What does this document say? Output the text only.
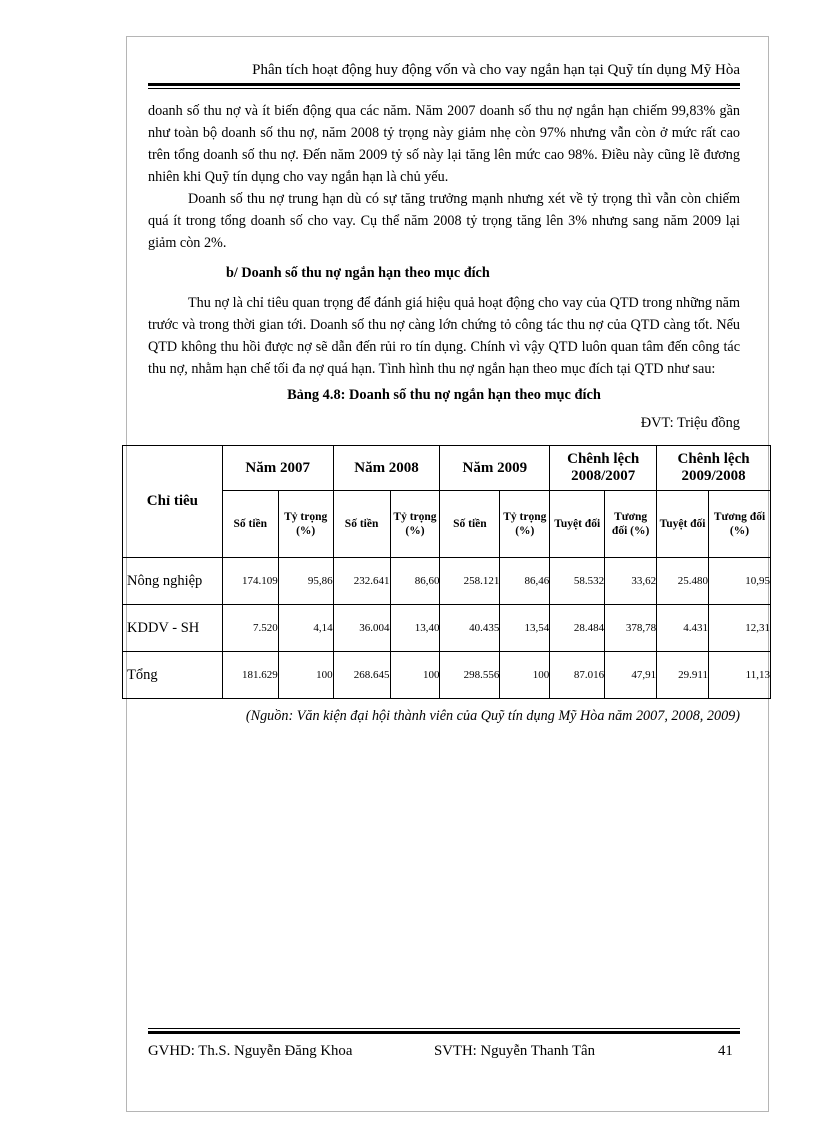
Phân tích hoạt động huy động vốn và cho vay ngắn hạn tại Quỹ tín dụng Mỹ Hòa

doanh số thu nợ và ít biến động qua các năm. Năm 2007 doanh số thu nợ ngắn hạn chiếm 99,83% gần như toàn bộ doanh số thu nợ, năm 2008 tỷ trọng này giảm nhẹ còn 97% nhưng vẫn còn ở mức rất cao trên tổng doanh số thu nợ. Đến năm 2009 tỷ số này lại tăng lên mức cao 98%. Điều này cũng lẽ đương nhiên khi Quỹ tín dụng cho vay ngắn hạn là chủ yếu.

Doanh số thu nợ trung hạn dù có sự tăng trưởng mạnh nhưng xét về tỷ trọng thì vẫn còn chiếm quá ít trong tổng doanh số cho vay. Cụ thể năm 2008 tỷ trọng tăng lên 3% nhưng sang năm 2009 lại giảm còn 2%.

b/ Doanh số thu nợ ngắn hạn theo mục đích

Thu nợ là chỉ tiêu quan trọng để đánh giá hiệu quả hoạt động cho vay của QTD trong những năm trước và trong thời gian tới. Doanh số thu nợ càng lớn chứng tỏ công tác thu nợ của QTD càng tốt. Nếu QTD không thu hồi được nợ sẽ dẫn đến rủi ro tín dụng. Chính vì vậy QTD luôn quan tâm đến công tác thu nợ, nhằm hạn chế tối đa nợ quá hạn. Tình hình thu nợ ngắn hạn theo mục đích tại QTD như sau:

Bảng 4.8: Doanh số thu nợ ngắn hạn theo mục đích
ĐVT: Triệu đồng
Chỉ tiêu	Năm 2007		Năm 2008		Năm 2009		Chênh lệch 2008/2007		Chênh lệch 2009/2008	
	Số tiền	Tỷ trọng (%)	Số tiền	Tỷ trọng (%)	Số tiền	Tỷ trọng (%)	Tuyệt đối	Tương đối (%)	Tuyệt đối	Tương đối (%)
Nông nghiệp	174.109	95,86	232.641	86,60	258.121	86,46	58.532	33,62	25.480	10,95
KDDV - SH	7.520	4,14	36.004	13,40	40.435	13,54	28.484	378,78	4.431	12,31
Tổng	181.629	100	268.645	100	298.556	100	87.016	47,91	29.911	11,13
(Nguồn: Văn kiện đại hội thành viên của Quỹ tín dụng Mỹ Hòa năm 2007, 2008, 2009)
GVHD: Th.S. Nguyễn Đăng Khoa	SVTH: Nguyễn Thanh Tân	41
